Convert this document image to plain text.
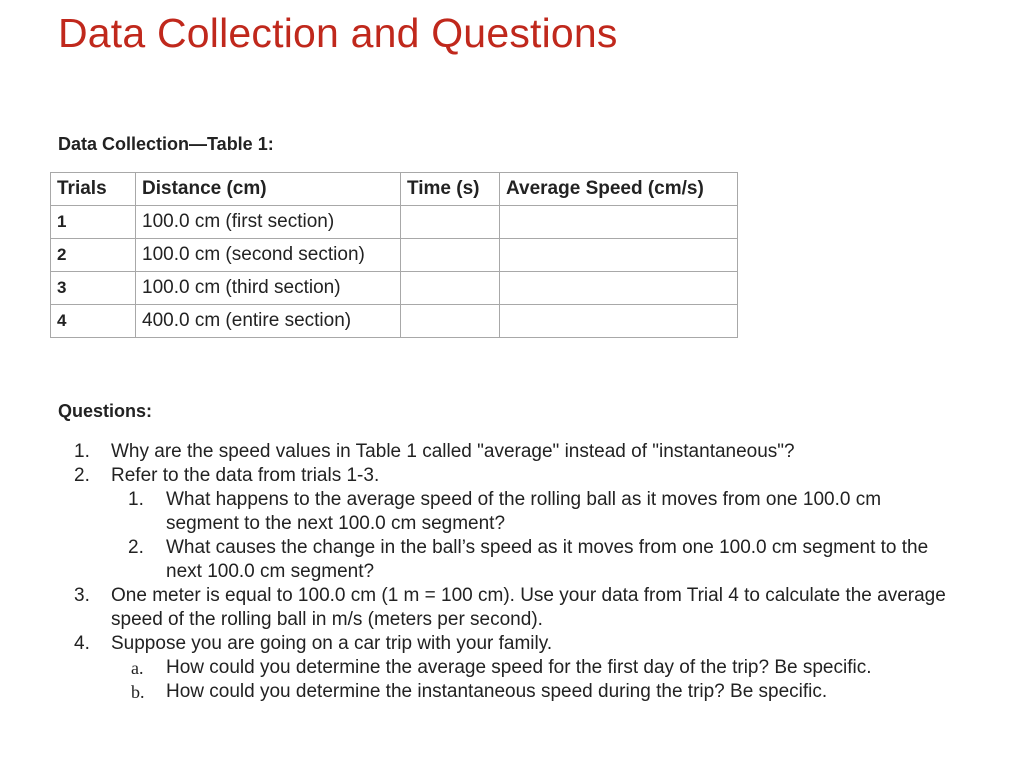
Data Collection and Questions
Data Collection—Table 1:
Trials	Distance (cm)	Time (s)	Average Speed (cm/s)
1	100.0 cm (first section)		
2	100.0 cm (second section)		
3	100.0 cm (third section)		
4	400.0 cm (entire section)		
Questions:
1. Why are the speed values in Table 1 called "average" instead of "instantaneous"?
2. Refer to the data from trials 1-3.
1. What happens to the average speed of the rolling ball as it moves from one 100.0 cm segment to the next 100.0 cm segment?
2. What causes the change in the ball’s speed as it moves from one 100.0 cm segment to the next 100.0 cm segment?
3. One meter is equal to 100.0 cm (1 m = 100 cm). Use your data from Trial 4 to calculate the average speed of the rolling ball in m/s (meters per second).
4. Suppose you are going on a car trip with your family.
a. How could you determine the average speed for the first day of the trip? Be specific.
b. How could you determine the instantaneous speed during the trip? Be specific.
